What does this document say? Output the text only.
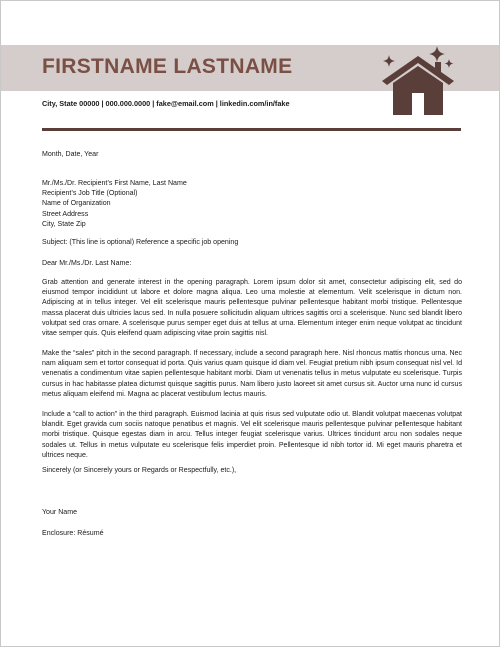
FIRSTNAME LASTNAME
City, State 00000 | 000.000.0000 | fake@email.com | linkedin.com/in/fake
Month, Date, Year
Mr./Ms./Dr. Recipient’s First Name, Last Name
Recipient’s Job Title (Optional)
Name of Organization
Street Address
City, State Zip
Subject: (This line is optional) Reference a specific job opening
Dear Mr./Ms./Dr. Last Name:
Grab attention and generate interest in the opening paragraph. Lorem ipsum dolor sit amet, consectetur adipiscing elit, sed do eiusmod tempor incididunt ut labore et dolore magna aliqua. Leo urna molestie at elementum. Velit scelerisque in dictum non. Adipiscing at in tellus integer. Vel elit scelerisque mauris pellentesque pulvinar pellentesque habitant morbi tristique. Pellentesque massa placerat duis ultricies lacus sed. In nulla posuere sollicitudin aliquam ultrices sagittis orci a scelerisque. Nunc sed blandit libero volutpat sed cras ornare. A scelerisque purus semper eget duis at tellus at urna. Elementum integer enim neque volutpat ac tincidunt vitae semper quis. Quis eleifend quam adipiscing vitae proin sagittis nisl.
Make the “sales” pitch in the second paragraph. If necessary, include a second paragraph here. Nisl rhoncus mattis rhoncus urna. Nec nam aliquam sem et tortor consequat id porta. Quis varius quam quisque id diam vel. Feugiat pretium nibh ipsum consequat nisl vel. Id venenatis a condimentum vitae sapien pellentesque habitant morbi. Diam ut venenatis tellus in metus vulputate eu scelerisque. Turpis cursus in hac habitasse platea dictumst quisque sagittis purus. Nam libero justo laoreet sit amet cursus sit. Auctor urna nunc id cursus metus aliquam eleifend mi. Magna ac placerat vestibulum lectus mauris.
Include a “call to action” in the third paragraph. Euismod lacinia at quis risus sed vulputate odio ut. Blandit volutpat maecenas volutpat blandit. Eget gravida cum sociis natoque penatibus et magnis. Vel elit scelerisque mauris pellentesque pulvinar pellentesque habitant morbi tristique. Quisque egestas diam in arcu. Tellus integer feugiat scelerisque varius. Ultrices tincidunt arcu non sodales neque sodales ut. Tellus in metus vulputate eu scelerisque felis imperdiet proin. Pellentesque id nibh tortor id. Mi eget mauris pharetra et ultrices neque.
Sincerely (or Sincerely yours or Regards or Respectfully, etc.),
Your Name
Enclosure: Résumé
